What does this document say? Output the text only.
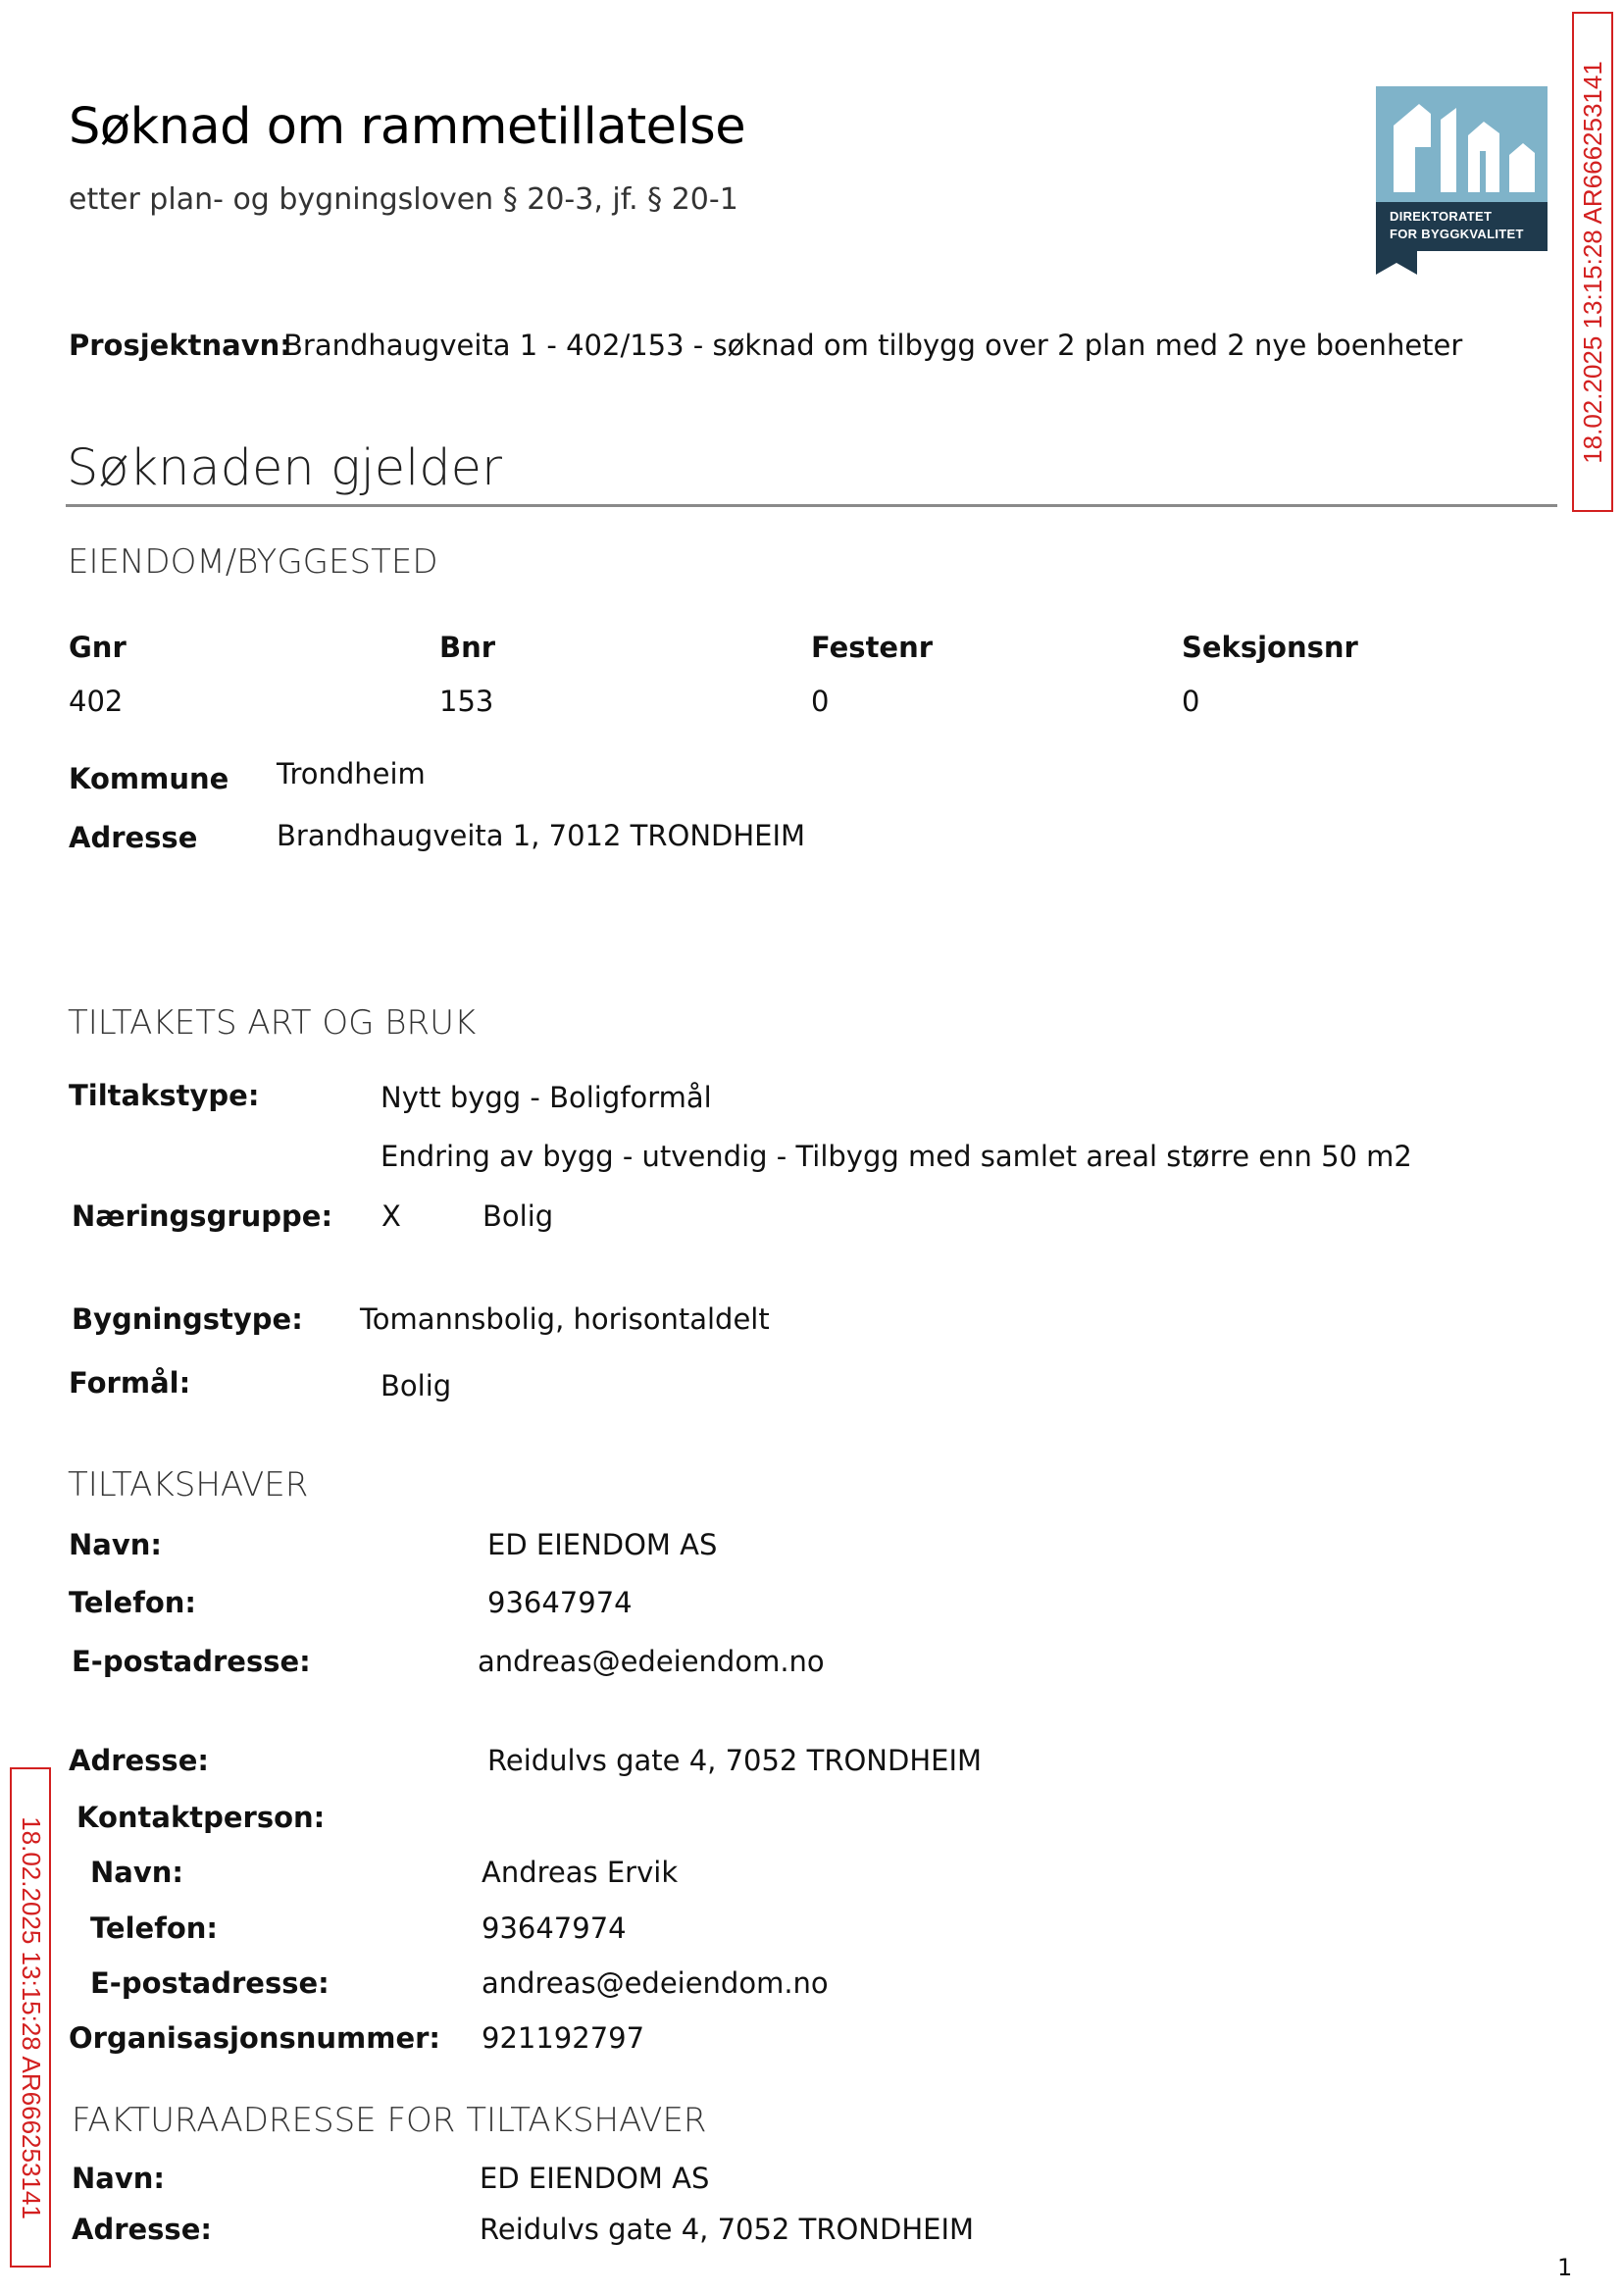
Søknad om rammetillatelse
etter plan- og bygningsloven § 20-3, jf. § 20-1	DIREKTORATET
FOR BYGGKVALITET 18.02.2025 13:15:28 AR666253141
18.02.2025 13:15:28 AR666253141
Prosjektnavn:
Brandhaugveita 1 - 402/153 - søknad om tilbygg over 2 plan med 2 nye boenheter
Søknaden gjelder
EIENDOM/BYGGESTED
Gnr	Bnr	Festenr	Seksjonsnr
402	153	0	0
Kommune Trondheim
Adresse	Brandhaugveita 1, 7012 TRONDHEIM
TILTAKETS ART OG BRUK
Tiltakstype:	Nytt bygg - Boligformål
Endring av bygg - utvendig - Tilbygg med samlet areal større enn 50 m2
Næringsgruppe: X	Bolig
Bygningstype: Tomannsbolig, horisontaldelt
Formål:	Bolig
TILTAKSHAVER
Navn:	ED EIENDOM AS
Telefon:	93647974
E-postadresse:	andreas@edeiendom.no
Adresse:	Reidulvs gate 4, 7052 TRONDHEIM
Kontaktperson:
Navn:	Andreas Ervik
Telefon:	93647974
E-postadresse:	andreas@edeiendom.no
Organisasjonsnummer: 921192797
FAKTURAADRESSE FOR TILTAKSHAVER
Navn:	ED EIENDOM AS
Adresse:	Reidulvs gate 4, 7052 TRONDHEIM
1
